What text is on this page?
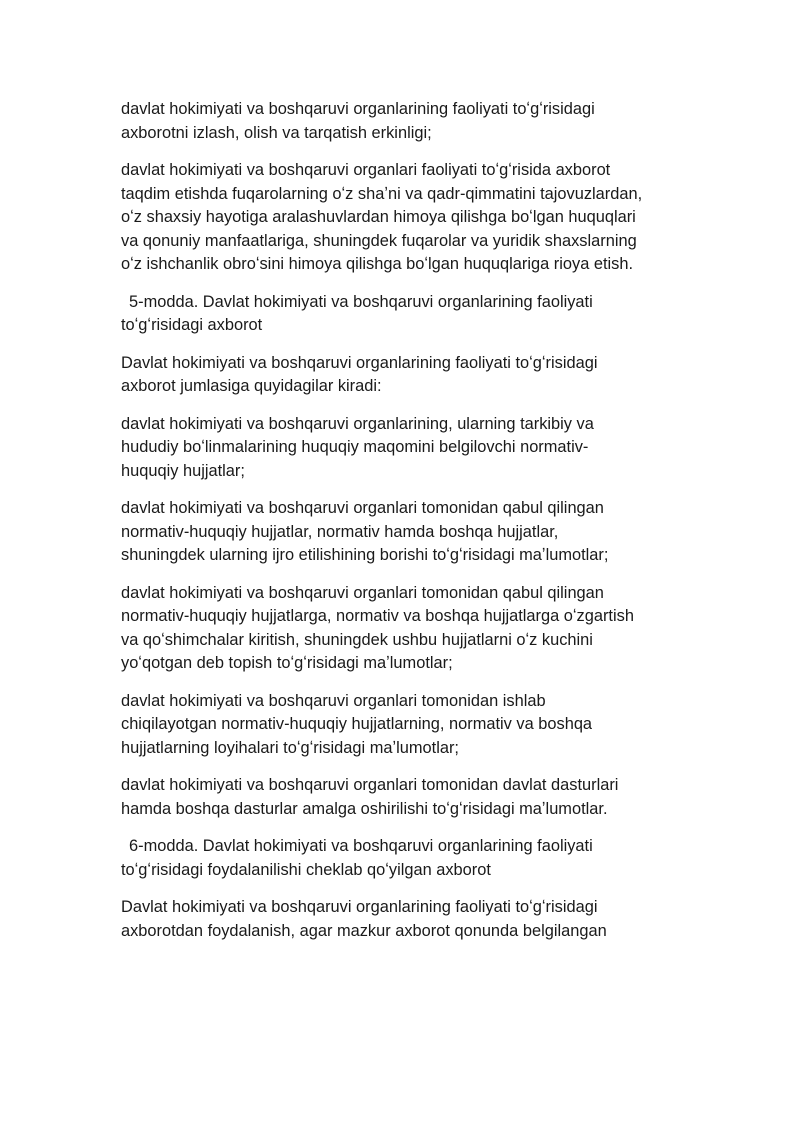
davlat hokimiyati va boshqaruvi organlarining faoliyati toʻgʻrisidagi
axborotni izlash, olish va tarqatish erkinligi;
davlat hokimiyati va boshqaruvi organlari faoliyati toʻgʻrisida axborot
taqdim etishda fuqarolarning oʻz shaʼni va qadr-qimmatini tajovuzlardan,
oʻz shaxsiy hayotiga aralashuvlardan himoya qilishga boʻlgan huquqlari
va qonuniy manfaatlariga, shuningdek fuqarolar va yuridik shaxslarning
oʻz ishchanlik obroʻsini himoya qilishga boʻlgan huquqlariga rioya etish.
5-modda. Davlat hokimiyati va boshqaruvi organlarining faoliyati
toʻgʻrisidagi axborot
Davlat hokimiyati va boshqaruvi organlarining faoliyati toʻgʻrisidagi
axborot jumlasiga quyidagilar kiradi:
davlat hokimiyati va boshqaruvi organlarining, ularning tarkibiy va
hududiy boʻlinmalarining huquqiy maqomini belgilovchi normativ-
huquqiy hujjatlar;
davlat hokimiyati va boshqaruvi organlari tomonidan qabul qilingan
normativ-huquqiy hujjatlar, normativ hamda boshqa hujjatlar,
shuningdek ularning ijro etilishining borishi toʻgʻrisidagi maʼlumotlar;
davlat hokimiyati va boshqaruvi organlari tomonidan qabul qilingan
normativ-huquqiy hujjatlarga, normativ va boshqa hujjatlarga oʻzgartish
va qoʻshimchalar kiritish, shuningdek ushbu hujjatlarni oʻz kuchini
yoʻqotgan deb topish toʻgʻrisidagi maʼlumotlar;
davlat hokimiyati va boshqaruvi organlari tomonidan ishlab
chiqilayotgan normativ-huquqiy hujjatlarning, normativ va boshqa
hujjatlarning loyihalari toʻgʻrisidagi maʼlumotlar;
davlat hokimiyati va boshqaruvi organlari tomonidan davlat dasturlari
hamda boshqa dasturlar amalga oshirilishi toʻgʻrisidagi maʼlumotlar.
6-modda. Davlat hokimiyati va boshqaruvi organlarining faoliyati
toʻgʻrisidagi foydalanilishi cheklab qoʻyilgan axborot
Davlat hokimiyati va boshqaruvi organlarining faoliyati toʻgʻrisidagi
axborotdan foydalanish, agar mazkur axborot qonunda belgilangan
